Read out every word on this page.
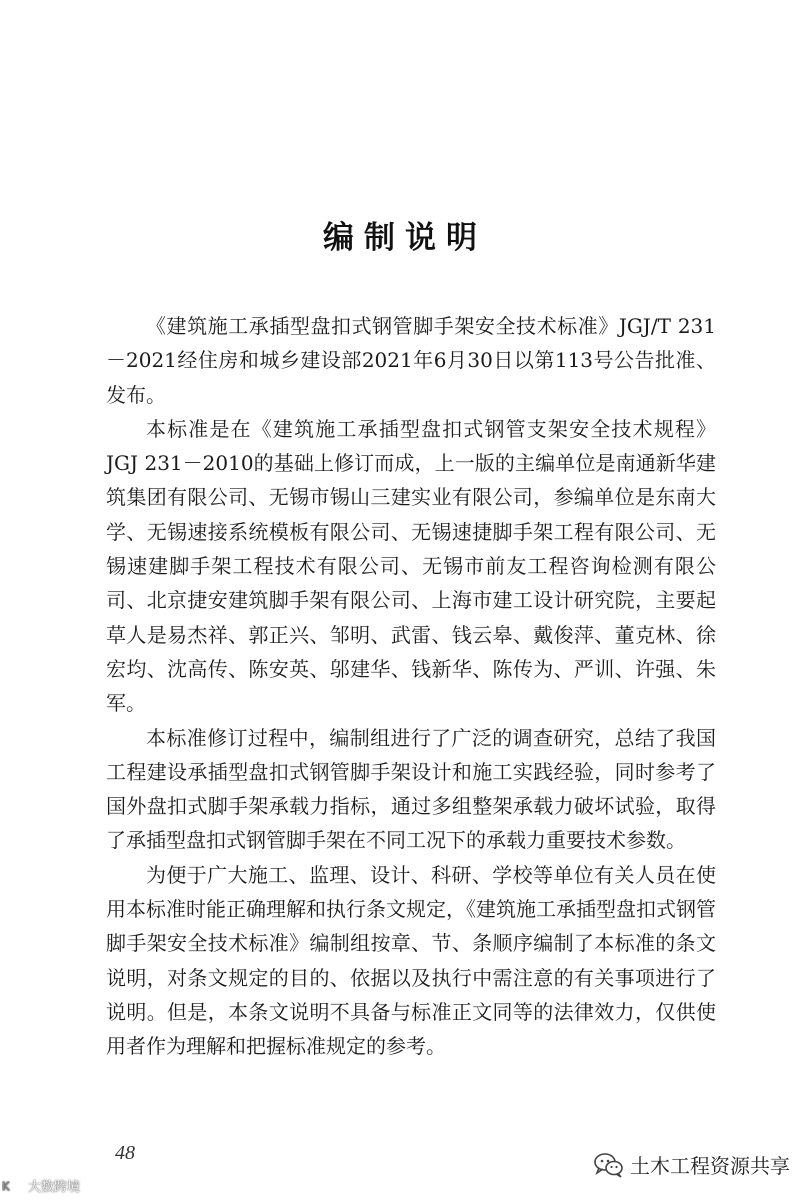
编制说明

《建筑施工承插型盘扣式钢管脚手架安全技术标准》JGJ/T 231－2021经住房和城乡建设部2021年6月30日以第113号公告批准、发布。

本标准是在《建筑施工承插型盘扣式钢管支架安全技术规程》JGJ 231－2010的基础上修订而成，上一版的主编单位是南通新华建筑集团有限公司、无锡市锡山三建实业有限公司，参编单位是东南大学、无锡速接系统模板有限公司、无锡速捷脚手架工程有限公司、无锡速建脚手架工程技术有限公司、无锡市前友工程咨询检测有限公司、北京捷安建筑脚手架有限公司、上海市建工设计研究院，主要起草人是易杰祥、郭正兴、邹明、武雷、钱云皋、戴俊萍、董克林、徐宏均、沈高传、陈安英、邬建华、钱新华、陈传为、严训、许强、朱军。

本标准修订过程中，编制组进行了广泛的调查研究，总结了我国工程建设承插型盘扣式钢管脚手架设计和施工实践经验，同时参考了国外盘扣式脚手架承载力指标，通过多组整架承载力破坏试验，取得了承插型盘扣式钢管脚手架在不同工况下的承载力重要技术参数。

为便于广大施工、监理、设计、科研、学校等单位有关人员在使用本标准时能正确理解和执行条文规定，《建筑施工承插型盘扣式钢管脚手架安全技术标准》编制组按章、节、条顺序编制了本标准的条文说明，对条文规定的目的、依据以及执行中需注意的有关事项进行了说明。但是，本条文说明不具备与标准正文同等的法律效力，仅供使用者作为理解和把握标准规定的参考。

48
K 大数跨境
土木工程资源共享
